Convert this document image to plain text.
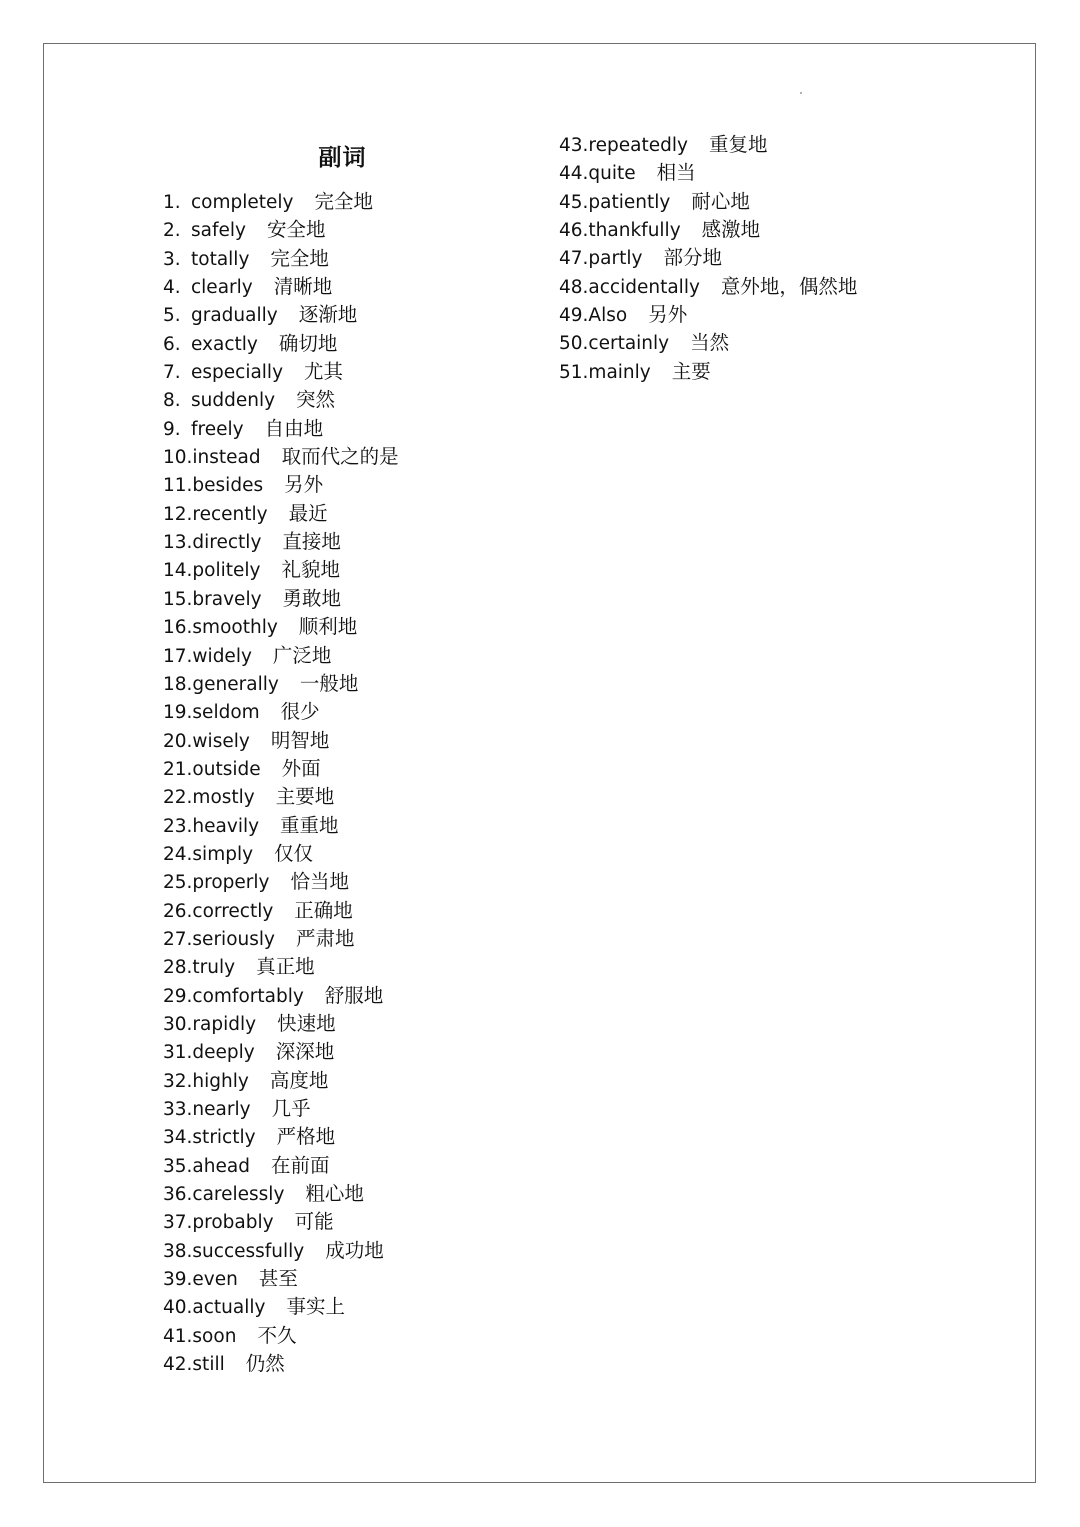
副词
1. completely 完全地
2. safely 安全地
3. totally 完全地
4. clearly 清晰地
5. gradually 逐渐地
6. exactly 确切地
7. especially 尤其
8. suddenly 突然
9. freely 自由地
10.instead 取而代之的是
11.besides 另外
12.recently 最近
13.directly 直接地
14.politely 礼貌地
15.bravely 勇敢地
16.smoothly 顺利地
17.widely 广泛地
18.generally 一般地
19.seldom 很少
20.wisely 明智地
21.outside 外面
22.mostly 主要地
23.heavily 重重地
24.simply 仅仅
25.properly 恰当地
26.correctly 正确地
27.seriously 严肃地
28.truly 真正地
29.comfortably 舒服地
30.rapidly 快速地
31.deeply 深深地
32.highly 高度地
33.nearly 几乎
34.strictly 严格地
35.ahead 在前面
36.carelessly 粗心地
37.probably 可能
38.successfully 成功地
39.even 甚至
40.actually 事实上
41.soon 不久
42.still 仍然
43.repeatedly 重复地
44.quite 相当
45.patiently 耐心地
46.thankfully 感激地
47.partly 部分地
48.accidentally 意外地，偶然地
49.Also 另外
50.certainly 当然
51.mainly 主要
